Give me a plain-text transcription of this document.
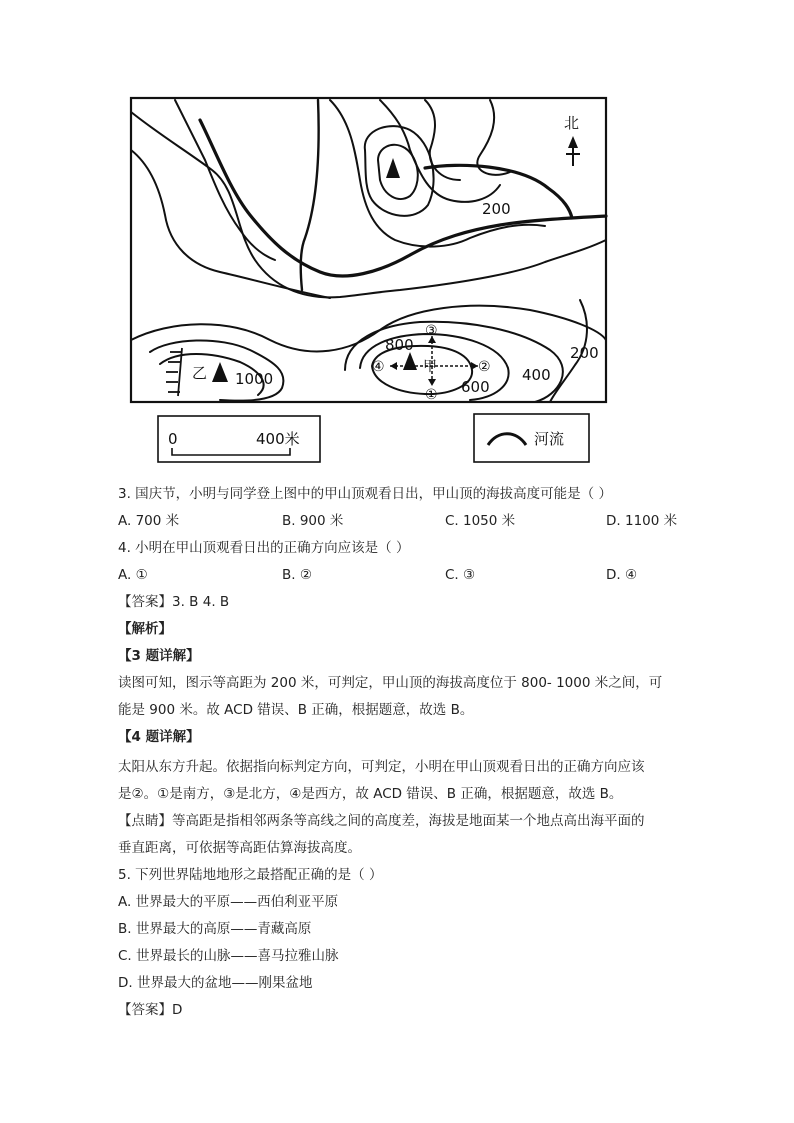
北
200
200
400
600
800
1000
甲
乙
①
②
③
④
0	400米	河流
3. 国庆节，小明与同学登上图中的甲山顶观看日出，甲山顶的海拔高度可能是（ ）
A. 700 米	B. 900 米	C. 1050 米	D. 1100 米
4. 小明在甲山顶观看日出的正确方向应该是（ ）
A. ①	B. ②	C. ③	D. ④
【答案】3. B 4. B
【解析】
【3 题详解】
读图可知，图示等高距为 200 米，可判定，甲山顶的海拔高度位于 800- 1000 米之间，可
能是 900 米。故 ACD 错误、B 正确，根据题意，故选 B。
【4 题详解】
太阳从东方升起。依据指向标判定方向，可判定，小明在甲山顶观看日出的正确方向应该
是②。①是南方，③是北方，④是西方，故 ACD 错误、B 正确，根据题意，故选 B。
【点睛】等高距是指相邻两条等高线之间的高度差，海拔是地面某一个地点高出海平面的
垂直距离，可依据等高距估算海拔高度。
5. 下列世界陆地地形之最搭配正确的是（ ）
A. 世界最大的平原——西伯利亚平原
B. 世界最大的高原——青藏高原
C. 世界最长的山脉——喜马拉雅山脉
D. 世界最大的盆地——刚果盆地
【答案】D
